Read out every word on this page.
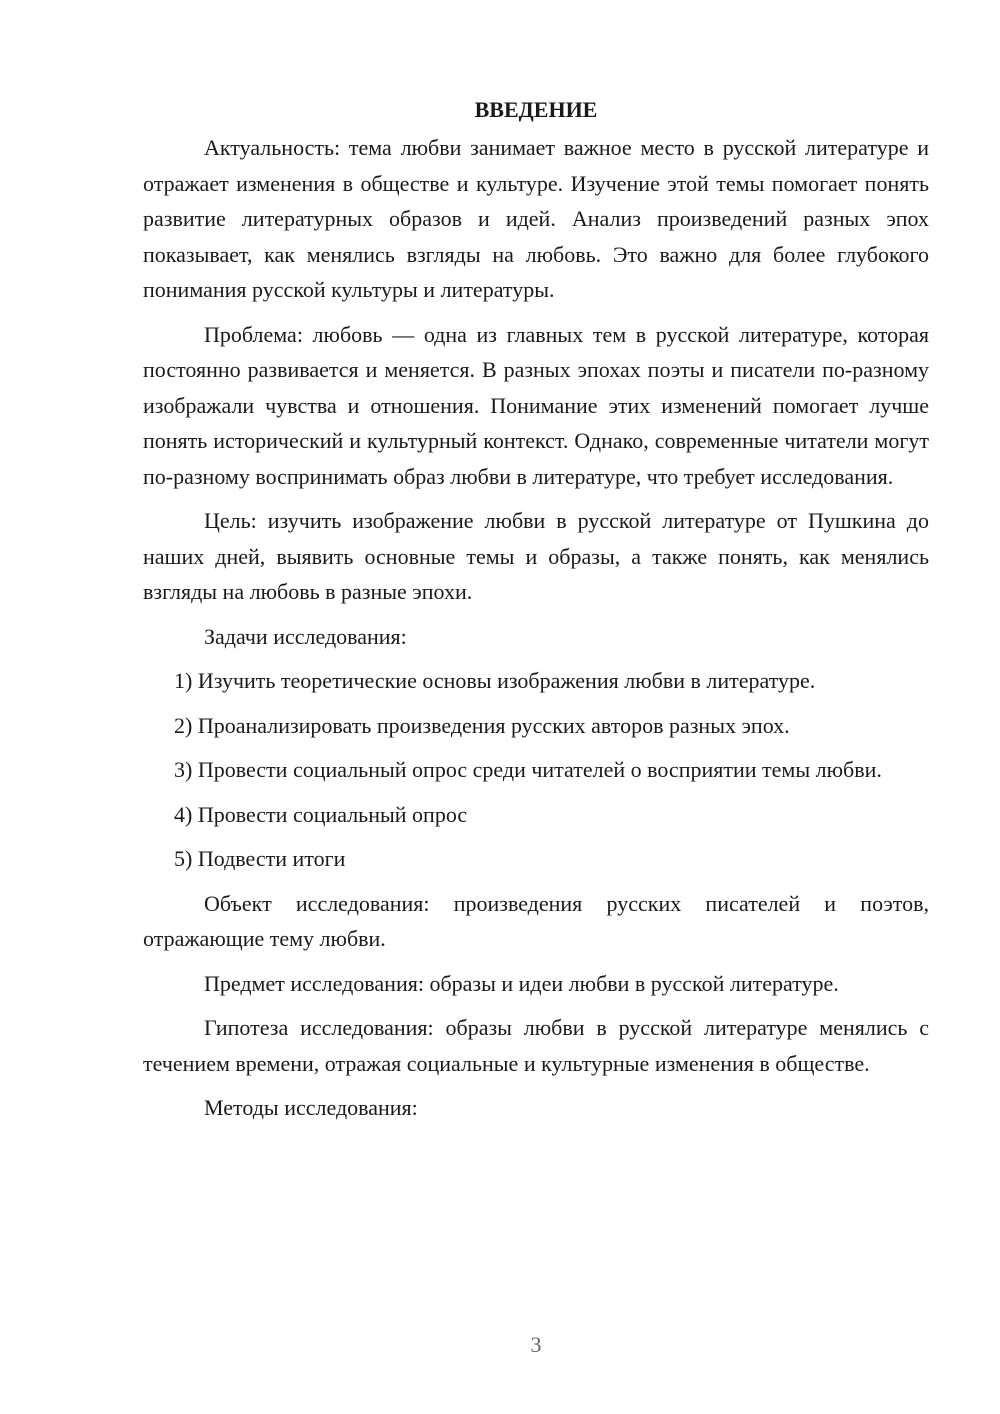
ВВЕДЕНИЕ

Актуальность: тема любви занимает важное место в русской литературе и отражает изменения в обществе и культуре. Изучение этой темы помогает понять развитие литературных образов и идей. Анализ произведений разных эпох показывает, как менялись взгляды на любовь. Это важно для более глубокого понимания русской культуры и литературы.

Проблема: любовь — одна из главных тем в русской литературе, которая постоянно развивается и меняется. В разных эпохах поэты и писатели по-разному изображали чувства и отношения. Понимание этих изменений помогает лучше понять исторический и культурный контекст. Однако, современные читатели могут по-разному воспринимать образ любви в литературе, что требует исследования.

Цель: изучить изображение любви в русской литературе от Пушкина до наших дней, выявить основные темы и образы, а также понять, как менялись взгляды на любовь в разные эпохи.

Задачи исследования:

1) Изучить теоретические основы изображения любви в литературе.

2) Проанализировать произведения русских авторов разных эпох.

3) Провести социальный опрос среди читателей о восприятии темы любви.

4) Провести социальный опрос

5) Подвести итоги

Объект исследования: произведения русских писателей и поэтов, отражающие тему любви.

Предмет исследования: образы и идеи любви в русской литературе.

Гипотеза исследования: образы любви в русской литературе менялись с течением времени, отражая социальные и культурные изменения в обществе.

Методы исследования:

3
